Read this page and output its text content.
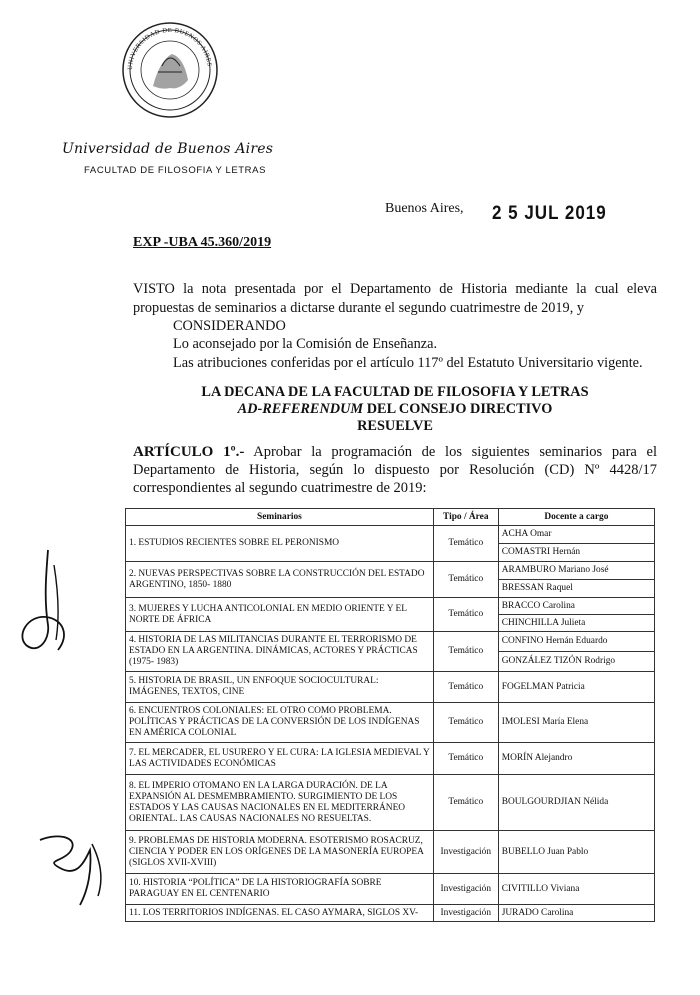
UNIVERSIDAD DE BUENOS AIRES
Universidad de Buenos Aires
FACULTAD DE FILOSOFIA Y LETRAS
Buenos Aires, 2 5 JUL 2019
EXP -UBA 45.360/2019
VISTO la nota presentada por el Departamento de Historia mediante la cual eleva propuestas de seminarios a dictarse durante el segundo cuatrimestre de 2019, y
CONSIDERANDO
Lo aconsejado por la Comisión de Enseñanza.
Las atribuciones conferidas por el artículo 117º del Estatuto Universitario vigente.
LA DECANA DE LA FACULTAD DE FILOSOFIA Y LETRAS
AD-REFERENDUM DEL CONSEJO DIRECTIVO
RESUELVE
ARTÍCULO 1º.- Aprobar la programación de los siguientes seminarios para el Departamento de Historia, según lo dispuesto por Resolución (CD) Nº 4428/17 correspondientes al segundo cuatrimestre de 2019:
Seminarios	Tipo / Área	Docente a cargo
1. ESTUDIOS RECIENTES SOBRE EL PERONISMO	Temático	ACHA Omar
		COMASTRI Hernán
2. NUEVAS PERSPECTIVAS SOBRE LA CONSTRUCCIÓN DEL ESTADO ARGENTINO, 1850- 1880	Temático	ARAMBURO Mariano José
		BRESSAN Raquel
3. MUJERES Y LUCHA ANTICOLONIAL EN MEDIO ORIENTE Y EL NORTE DE ÁFRICA	Temático	BRACCO Carolina
		CHINCHILLA Julieta
4. HISTORIA DE LAS MILITANCIAS DURANTE EL TERRORISMO DE ESTADO EN LA ARGENTINA. DINÁMICAS, ACTORES Y PRÁCTICAS (1975- 1983)	Temático	CONFINO Hernán Eduardo
		GONZÁLEZ TIZÓN Rodrigo
5. HISTORIA DE BRASIL, UN ENFOQUE SOCIOCULTURAL: IMÁGENES, TEXTOS, CINE	Temático	FOGELMAN Patricia
6. ENCUENTROS COLONIALES: EL OTRO COMO PROBLEMA. POLÍTICAS Y PRÁCTICAS DE LA CONVERSIÓN DE LOS INDÍGENAS EN AMÉRICA COLONIAL	Temático	IMOLESI María Elena
7. EL MERCADER, EL USURERO Y EL CURA: LA IGLESIA MEDIEVAL Y LAS ACTIVIDADES ECONÓMICAS	Temático	MORÍN Alejandro
8. EL IMPERIO OTOMANO EN LA LARGA DURACIÓN. DE LA EXPANSIÓN AL DESMEMBRAMIENTO. SURGIMIENTO DE LOS ESTADOS Y LAS CAUSAS NACIONALES EN EL MEDITERRÁNEO ORIENTAL. LAS CAUSAS NACIONALES NO RESUELTAS.	Temático	BOULGOURDJIAN Nélida
9. PROBLEMAS DE HISTORIA MODERNA. ESOTERISMO ROSACRUZ, CIENCIA Y PODER EN LOS ORÍGENES DE LA MASONERÍA EUROPEA (SIGLOS XVII-XVIII)	Investigación	BUBELLO Juan Pablo
10. HISTORIA “POLÍTICA” DE LA HISTORIOGRAFÍA SOBRE PARAGUAY EN EL CENTENARIO	Investigación	CIVITILLO Viviana
11. LOS TERRITORIOS INDÍGENAS. EL CASO AYMARA, SIGLOS XV-	Investigación	JURADO Carolina
